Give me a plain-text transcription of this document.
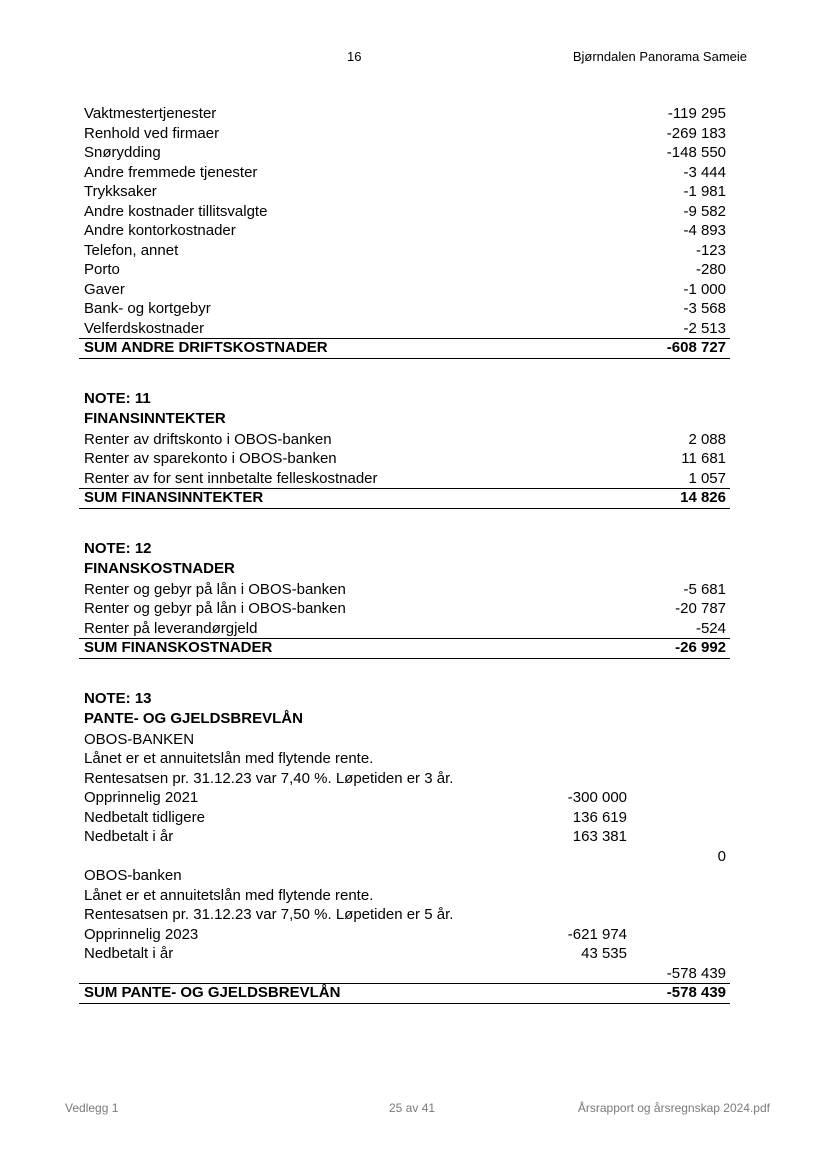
16	Bjørndalen Panorama Sameie
Vaktmestertjenester	-119 295
Renhold ved firmaer	-269 183
Snørydding	-148 550
Andre fremmede tjenester	-3 444
Trykksaker	-1 981
Andre kostnader tillitsvalgte	-9 582
Andre kontorkostnader	-4 893
Telefon, annet	-123
Porto	-280
Gaver	-1 000
Bank- og kortgebyr	-3 568
Velferdskostnader	-2 513
SUM ANDRE DRIFTSKOSTNADER	-608 727
NOTE: 11
FINANSINNTEKTER
Renter av driftskonto i OBOS-banken	2 088
Renter av sparekonto i OBOS-banken	11 681
Renter av for sent innbetalte felleskostnader	1 057
SUM FINANSINNTEKTER	14 826
NOTE: 12
FINANSKOSTNADER
Renter og gebyr på lån i OBOS-banken	-5 681
Renter og gebyr på lån i OBOS-banken	-20 787
Renter på leverandørgjeld	-524
SUM FINANSKOSTNADER	-26 992
NOTE: 13
PANTE- OG GJELDSBREVLÅN
OBOS-BANKEN
Lånet er et annuitetslån med flytende rente.
Rentesatsen pr. 31.12.23 var 7,40 %. Løpetiden er 3 år.
Opprinnelig 2021	-300 000
Nedbetalt tidligere	136 619
Nedbetalt i år	163 381
0
OBOS-banken
Lånet er et annuitetslån med flytende rente.
Rentesatsen pr. 31.12.23 var 7,50 %. Løpetiden er 5 år.
Opprinnelig 2023	-621 974
Nedbetalt i år	43 535
-578 439
SUM PANTE- OG GJELDSBREVLÅN	-578 439
Vedlegg 1	25 av 41	Årsrapport og årsregnskap 2024.pdf
